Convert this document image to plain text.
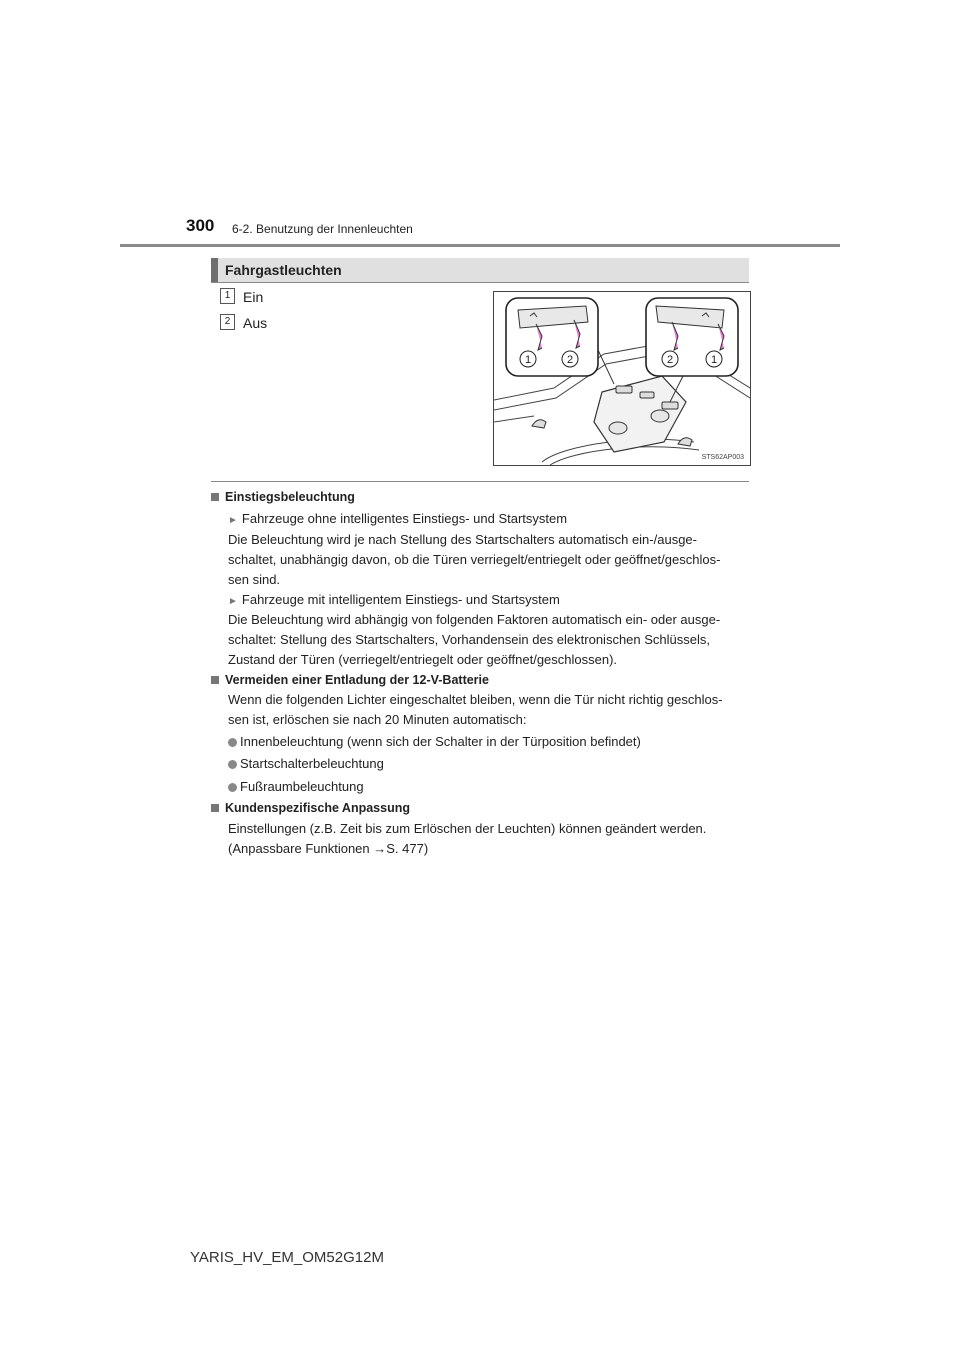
300 6-2. Benutzung der Innenleuchten
Fahrgastleuchten
1 Ein
2 Aus
1	2	2	1
STS62AP003
Einstiegsbeleuchtung
► Fahrzeuge ohne intelligentes Einstiegs- und Startsystem
Die Beleuchtung wird je nach Stellung des Startschalters automatisch ein-/ausge-
schaltet, unabhängig davon, ob die Türen verriegelt/entriegelt oder geöffnet/geschlos-
sen sind.
► Fahrzeuge mit intelligentem Einstiegs- und Startsystem
Die Beleuchtung wird abhängig von folgenden Faktoren automatisch ein- oder ausge-
schaltet: Stellung des Startschalters, Vorhandensein des elektronischen Schlüssels,
Zustand der Türen (verriegelt/entriegelt oder geöffnet/geschlossen).
Vermeiden einer Entladung der 12-V-Batterie
Wenn die folgenden Lichter eingeschaltet bleiben, wenn die Tür nicht richtig geschlos-
sen ist, erlöschen sie nach 20 Minuten automatisch:
Innenbeleuchtung (wenn sich der Schalter in der Türposition befindet)
Startschalterbeleuchtung
Fußraumbeleuchtung
Kundenspezifische Anpassung
Einstellungen (z.B. Zeit bis zum Erlöschen der Leuchten) können geändert werden.
(Anpassbare Funktionen →S. 477)
YARIS_HV_EM_OM52G12M
